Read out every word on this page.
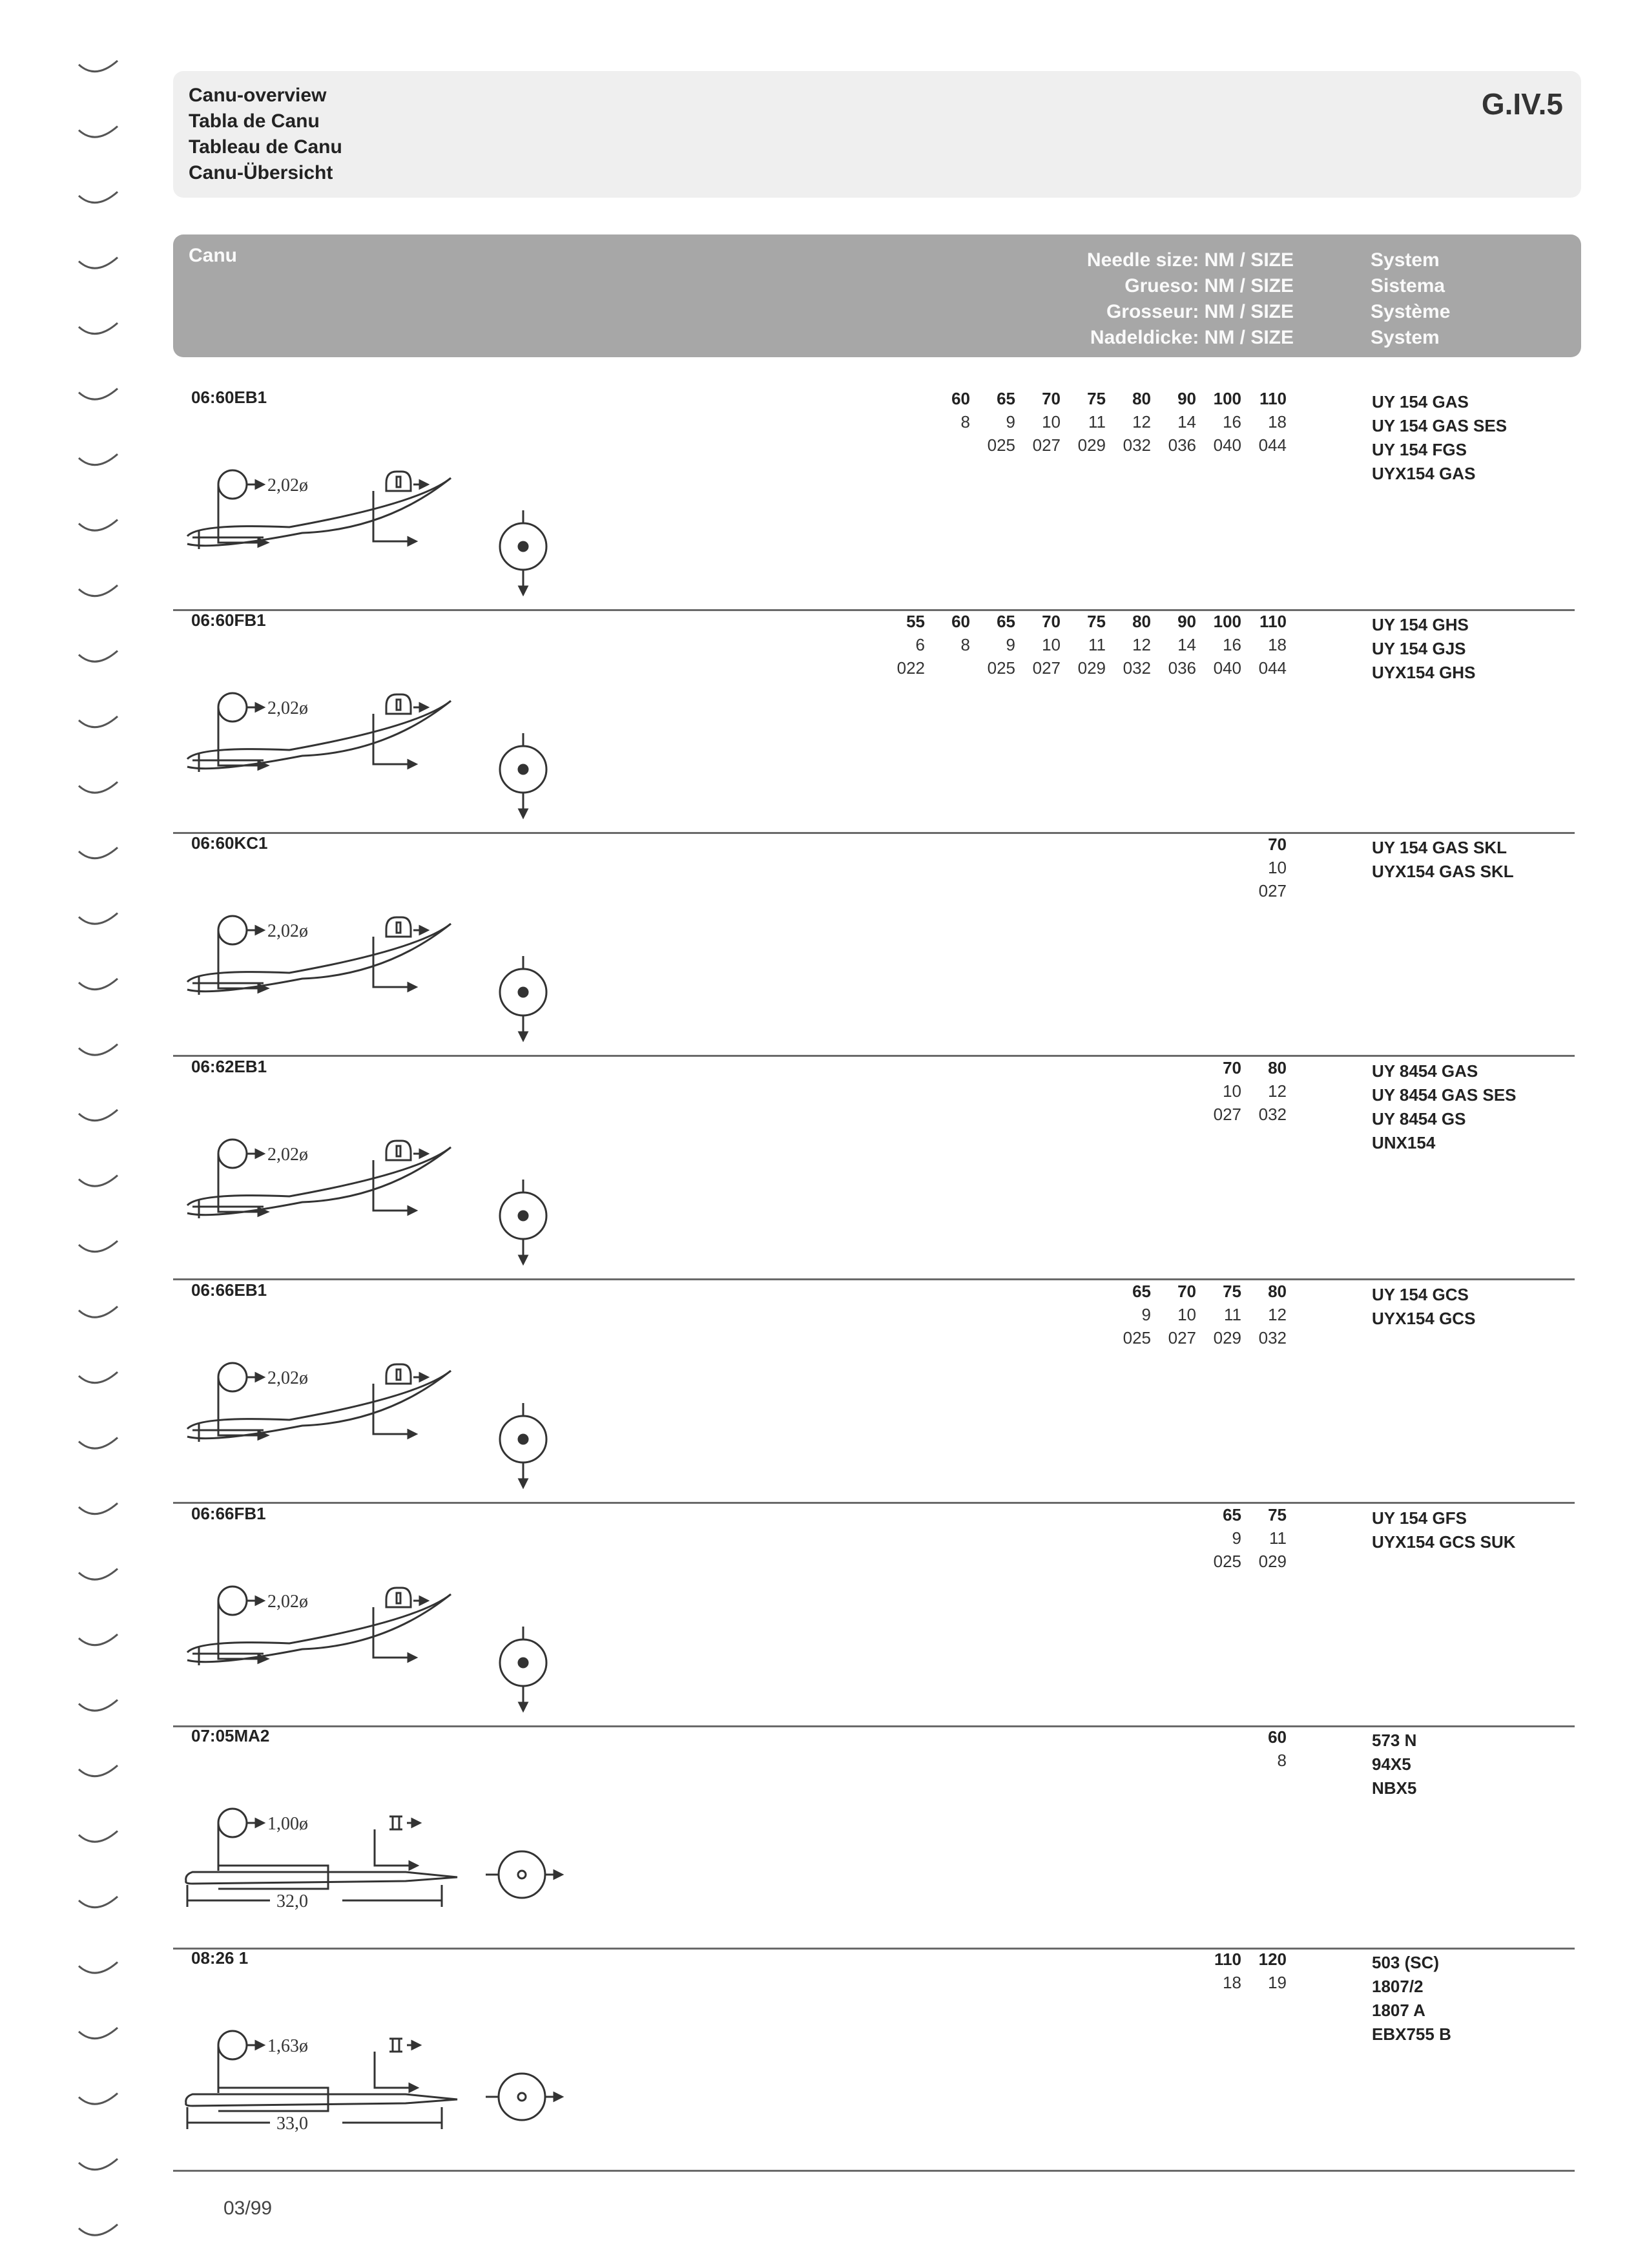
Canu-overview
Tabla de Canu
Tableau de Canu
Canu-Übersicht
G.IV.5
Canu	Needle size: NM / SIZE
Grueso: NM / SIZE
Grosseur: NM / SIZE
Nadeldicke: NM / SIZE
System
Sistema
Système
System
06:60EB1
2,02ø
60
8
65
9
025
70
10
027
75
11
029
80
12
032
90
14
036
100
16
040
110
18
044
UY 154 GAS
UY 154 GAS SES
UY 154 FGS
UYX154 GAS
06:60FB1
2,02ø
55
6
022
60
8
65
9
025
70
10
027
75
11
029
80
12
032
90
14
036
100
16
040
110
18
044
UY 154 GHS
UY 154 GJS
UYX154 GHS
06:60KC1
2,02ø
70
10
027
UY 154 GAS SKL
UYX154 GAS SKL
06:62EB1
2,02ø
70
10
027
80
12
032
UY 8454 GAS
UY 8454 GAS SES
UY 8454 GS
UNX154
06:66EB1
2,02ø
65
9
025
70
10
027
75
11
029
80
12
032
UY 154 GCS
UYX154 GCS
06:66FB1
2,02ø
65
9
025
75
11
029
UY 154 GFS
UYX154 GCS SUK
07:05MA2
1,00ø
32,0
60
8
573 N
94X5
NBX5
08:26 1
1,63ø
33,0
110
18
120
19
503 (SC)
1807/2
1807 A
EBX755 B
03/99
